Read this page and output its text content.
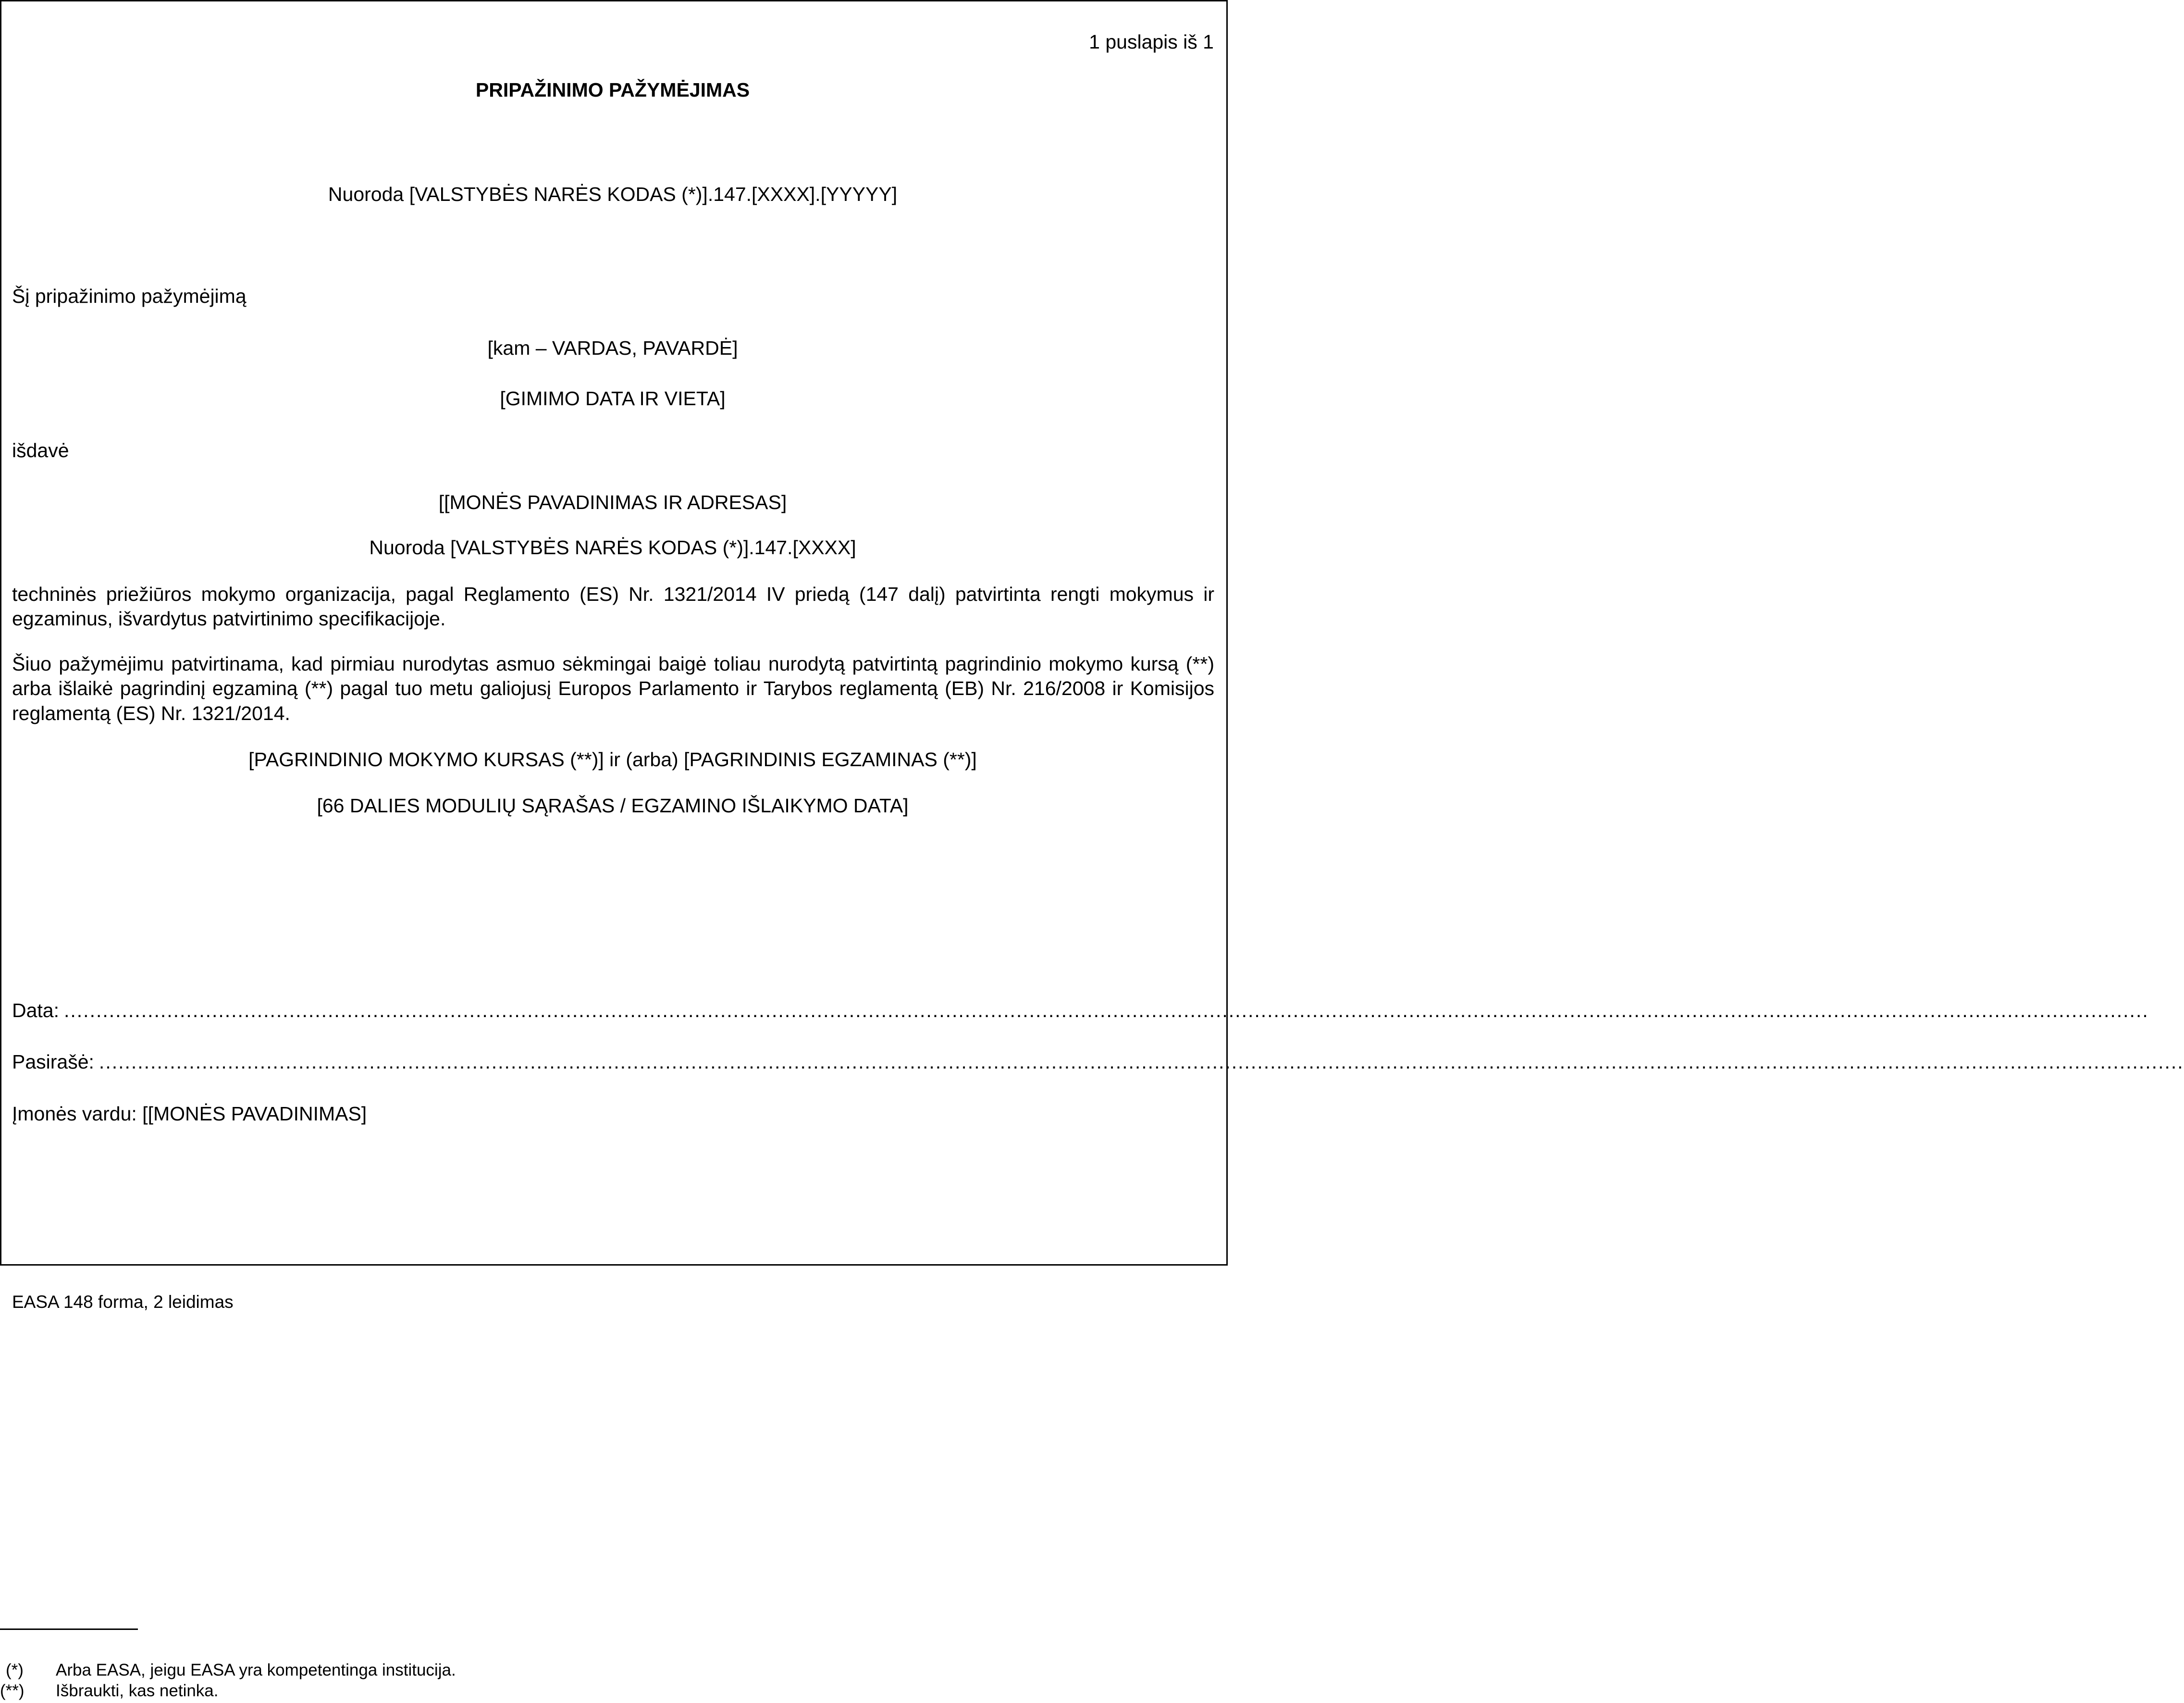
1 puslapis iš 1
PRIPAŽINIMO PAŽYMĖJIMAS
Nuoroda [VALSTYBĖS NARĖS KODAS (*)].147.[XXXX].[YYYYY]
Šį pripažinimo pažymėjimą
[kam – VARDAS, PAVARDĖ]
[GIMIMO DATA IR VIETA]
išdavė
[[MONĖS PAVADINIMAS IR ADRESAS]
Nuoroda [VALSTYBĖS NARĖS KODAS (*)].147.[XXXX]
techninės priežiūros mokymo organizacija, pagal Reglamento (ES) Nr. 1321/2014 IV priedą (147 dalį) patvirtinta rengti mokymus ir egzaminus, išvardytus patvirtinimo specifikacijoje.
Šiuo pažymėjimu patvirtinama, kad pirmiau nurodytas asmuo sėkmingai baigė toliau nurodytą patvirtintą pagrindinio mokymo kursą (**) arba išlaikė pagrindinį egzaminą (**) pagal tuo metu galiojusį Europos Parlamento ir Tarybos reglamentą (EB) Nr. 216/2008 ir Komisijos reglamentą (ES) Nr. 1321/2014.
[PAGRINDINIO MOKYMO KURSAS (**)] ir (arba) [PAGRINDINIS EGZAMINAS (**)]
[66 DALIES MODULIŲ SĄRAŠAS / EGZAMINO IŠLAIKYMO DATA]
Data: ....................................................................................................................................................................................................................................................................................................................................
Pasirašė: ....................................................................................................................................................................................................................................................................................................................................
Įmonės vardu: [[MONĖS PAVADINIMAS]
EASA 148 forma, 2 leidimas
(*) Arba EASA, jeigu EASA yra kompetentinga institucija.
(**) Išbraukti, kas netinka.
